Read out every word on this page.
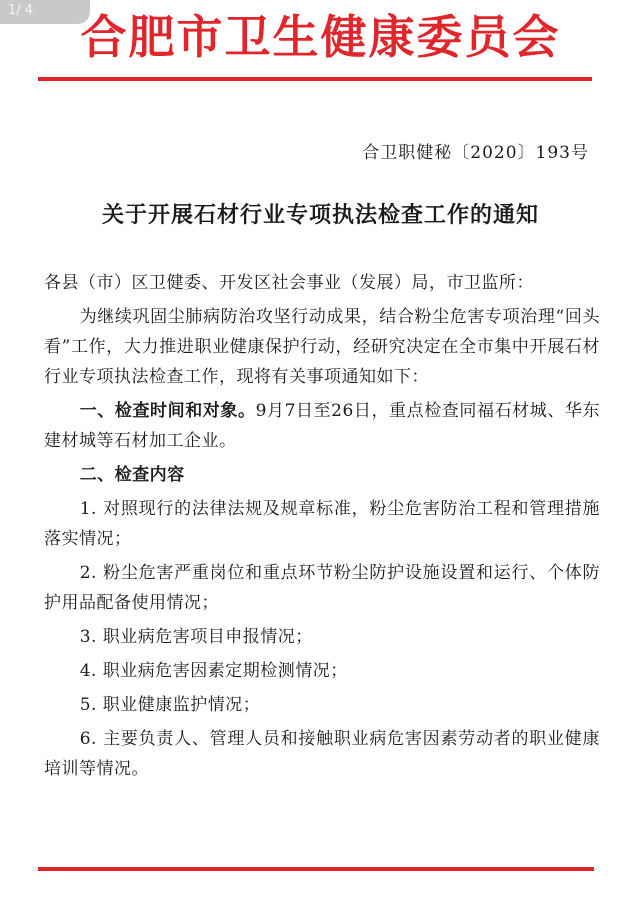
1/ 4	合肥市卫生健康委员会
合卫职健秘〔2020〕193号
关于开展石材行业专项执法检查工作的通知

各县（市）区卫健委、开发区社会事业（发展）局，市卫监所：

为继续巩固尘肺病防治攻坚行动成果，结合粉尘危害专项治理“回头看”工作，大力推进职业健康保护行动，经研究决定在全市集中开展石材行业专项执法检查工作，现将有关事项通知如下：

一、检查时间和对象。9月7日至26日，重点检查同福石材城、华东建材城等石材加工企业。

二、检查内容

1. 对照现行的法律法规及规章标准，粉尘危害防治工程和管理措施落实情况；

2. 粉尘危害严重岗位和重点环节粉尘防护设施设置和运行、个体防护用品配备使用情况；

3. 职业病危害项目申报情况；

4. 职业病危害因素定期检测情况；

5. 职业健康监护情况；

6. 主要负责人、管理人员和接触职业病危害因素劳动者的职业健康培训等情况。
